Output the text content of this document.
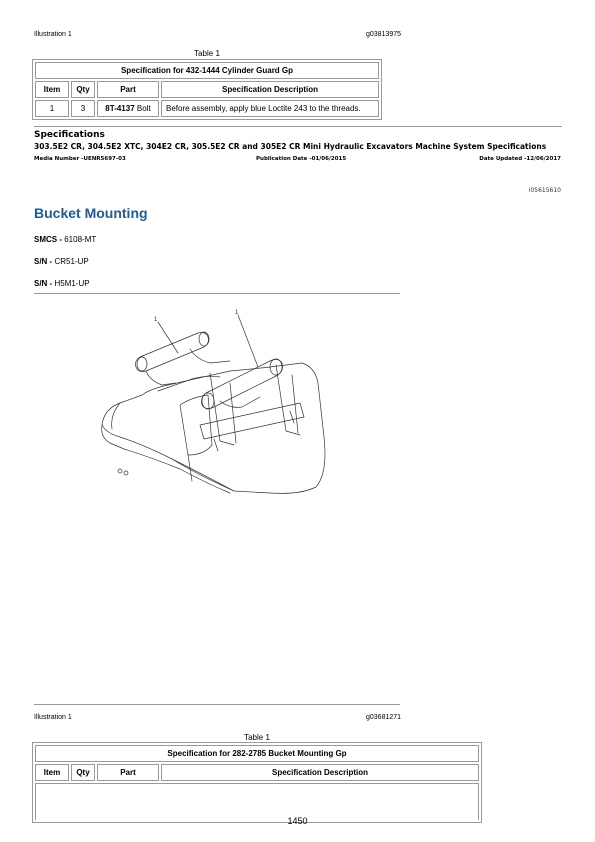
Illustration 1	g03813975
Table 1
Specification for 432-1444 Cylinder Guard Gp			
Item	Qty	Part	Specification Description
1	3	8T-4137 Bolt	Before assembly, apply blue Loctite 243 to the threads.
Specifications
303.5E2 CR, 304.5E2 XTC, 304E2 CR, 305.5E2 CR and 305E2 CR Mini Hydraulic Excavators Machine System Specifications
Media Number -UENR5697-03	Publication Date -01/06/2015	Date Updated -12/06/2017
i05615610
Bucket Mounting
SMCS - 6108-MT
S/N - CR51-UP
S/N - H5M1-UP
1
1
Illustration 1	g03681271
Table 1
Specification for 282-2785 Bucket Mounting Gp
Item	Qty	Part	Specification Description

1450
